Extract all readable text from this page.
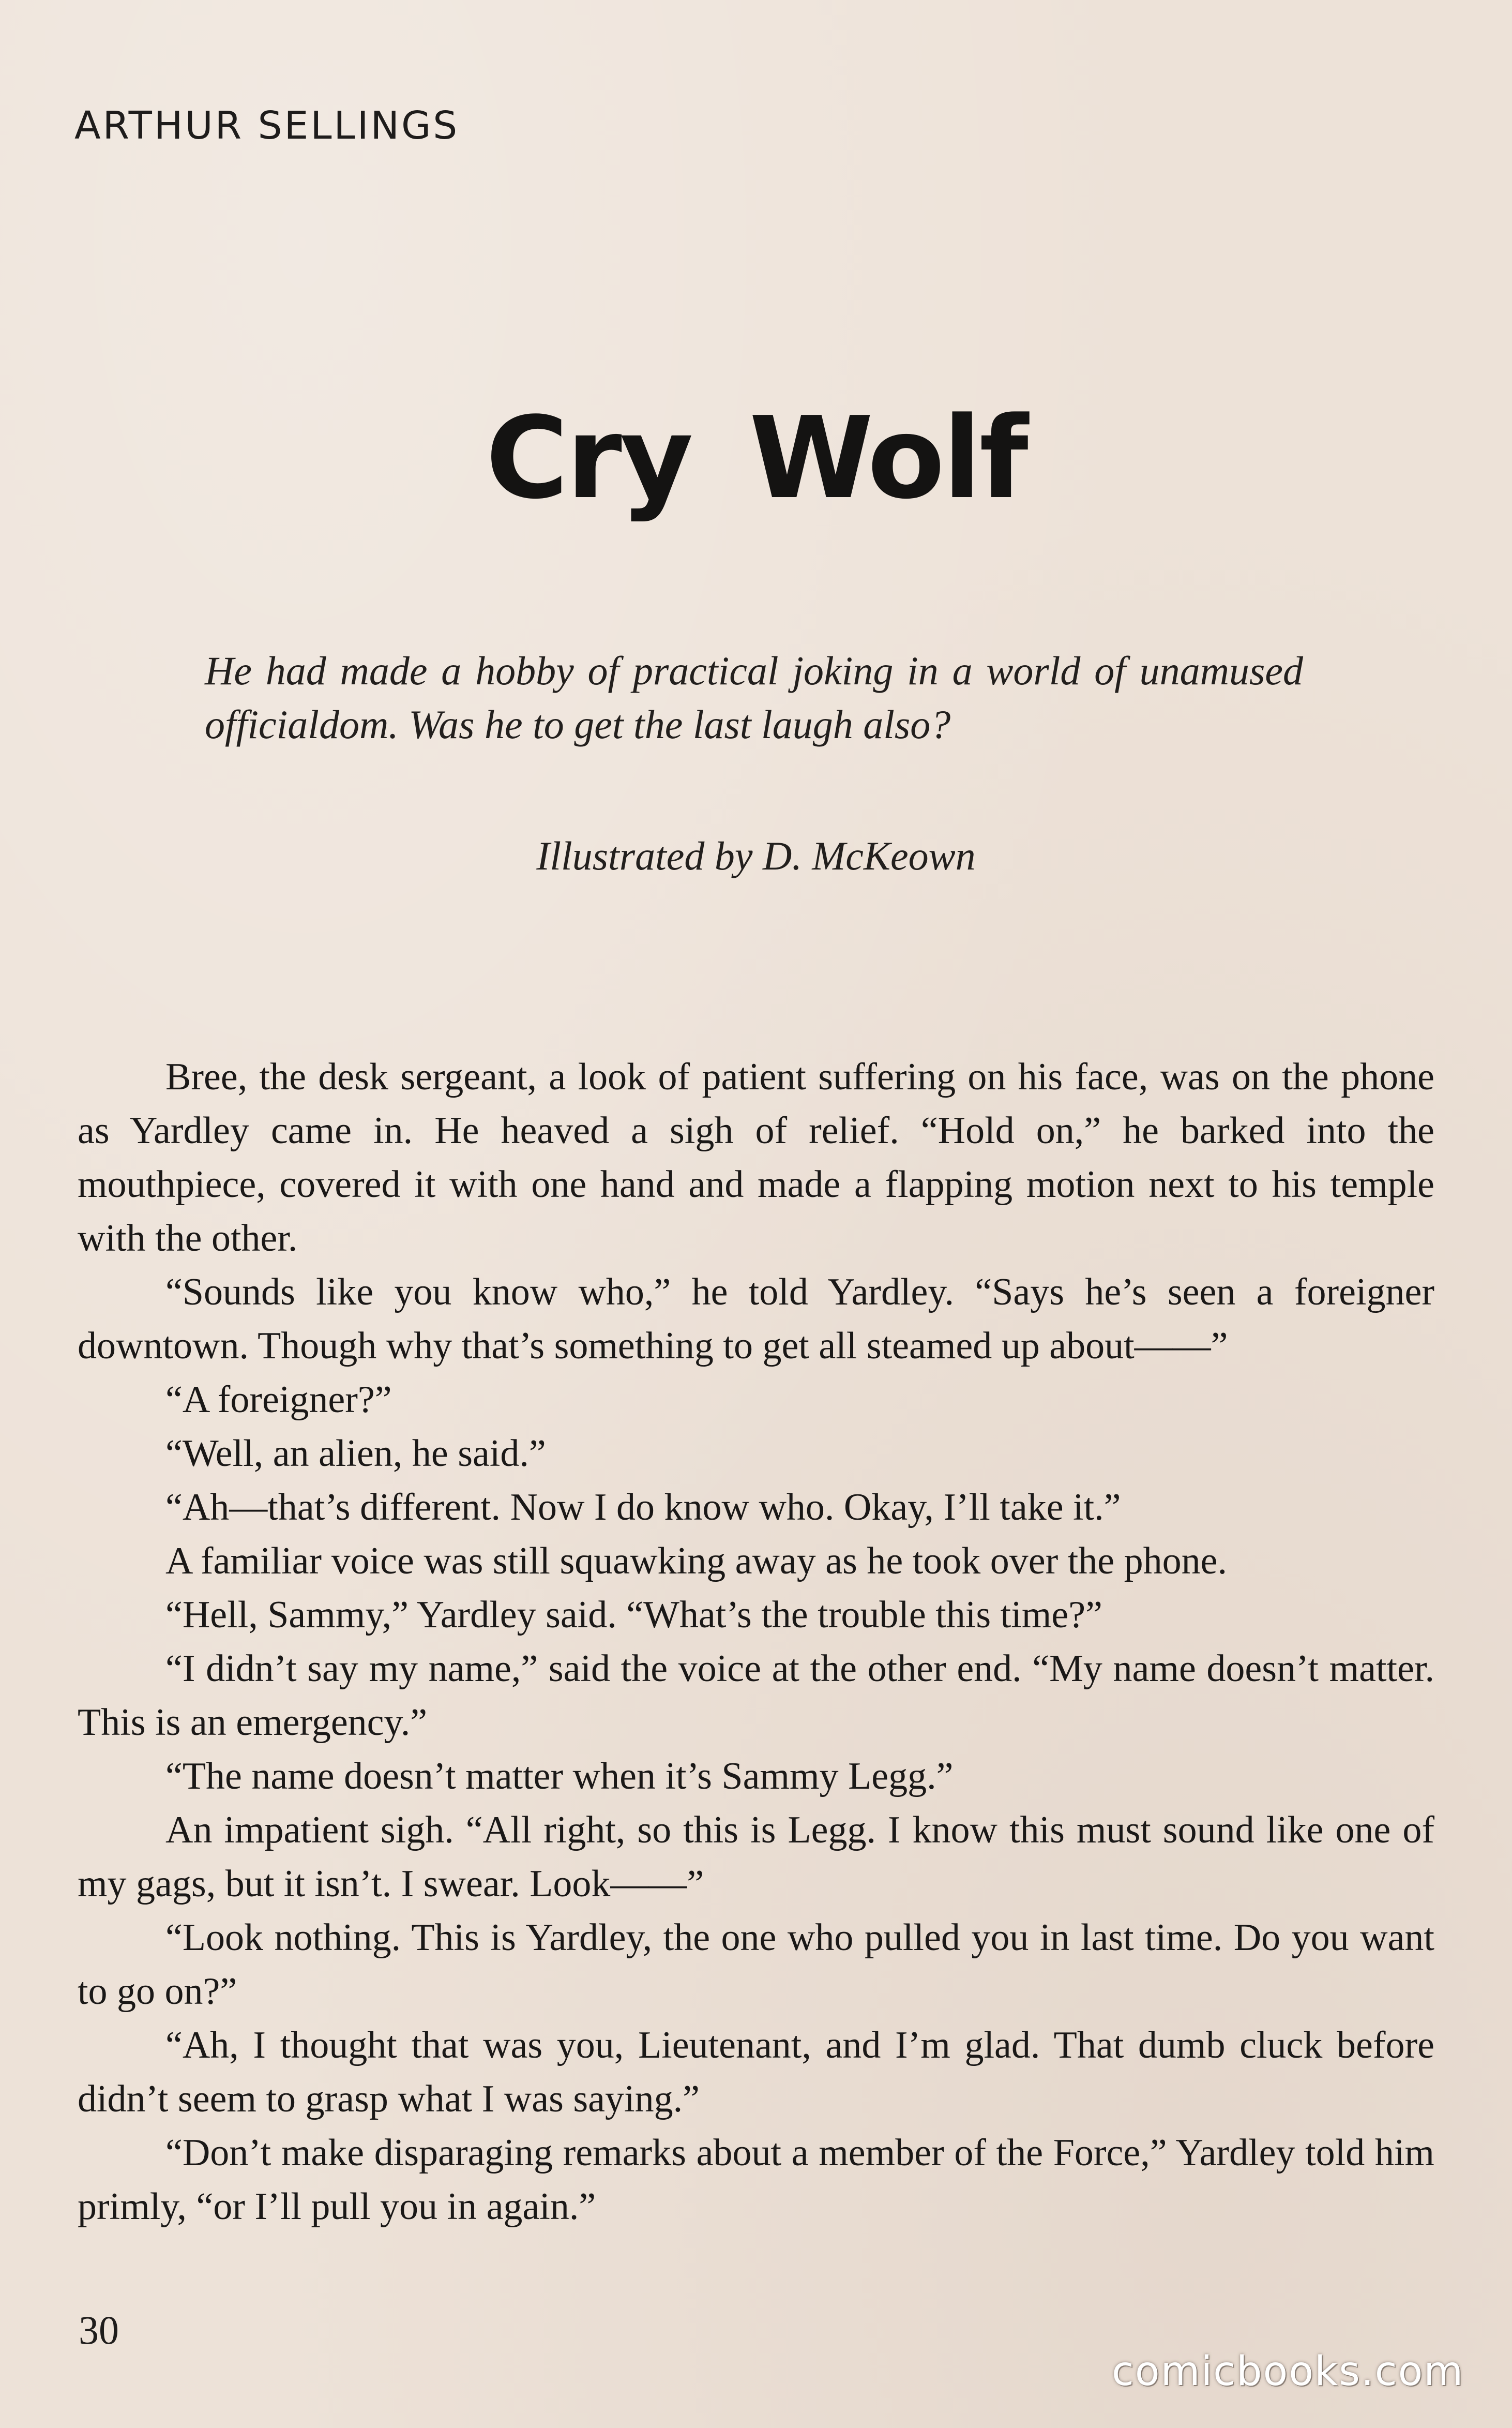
ARTHUR SELLINGS
Cry Wolf
He had made a hobby of practical joking in a world of unamused officialdom. Was he to get the last laugh also?
Illustrated by D. McKeown

Bree, the desk sergeant, a look of patient suffering on his face, was on the phone as Yardley came in. He heaved a sigh of relief. “Hold on,” he barked into the mouthpiece, covered it with one hand and made a flapping motion next to his temple with the other.

“Sounds like you know who,” he told Yardley. “Says he’s seen a foreigner downtown. Though why that’s something to get all steamed up about——”

“A foreigner?”

“Well, an alien, he said.”

“Ah—that’s different. Now I do know who. Okay, I’ll take it.”

A familiar voice was still squawking away as he took over the phone.

“Hell, Sammy,” Yardley said. “What’s the trouble this time?”

“I didn’t say my name,” said the voice at the other end. “My name doesn’t matter. This is an emergency.”

“The name doesn’t matter when it’s Sammy Legg.”

An impatient sigh. “All right, so this is Legg. I know this must sound like one of my gags, but it isn’t. I swear. Look——”

“Look nothing. This is Yardley, the one who pulled you in last time. Do you want to go on?”

“Ah, I thought that was you, Lieutenant, and I’m glad. That dumb cluck before didn’t seem to grasp what I was saying.”

“Don’t make disparaging remarks about a member of the Force,” Yardley told him primly, “or I’ll pull you in again.”

30
comicbooks.com
